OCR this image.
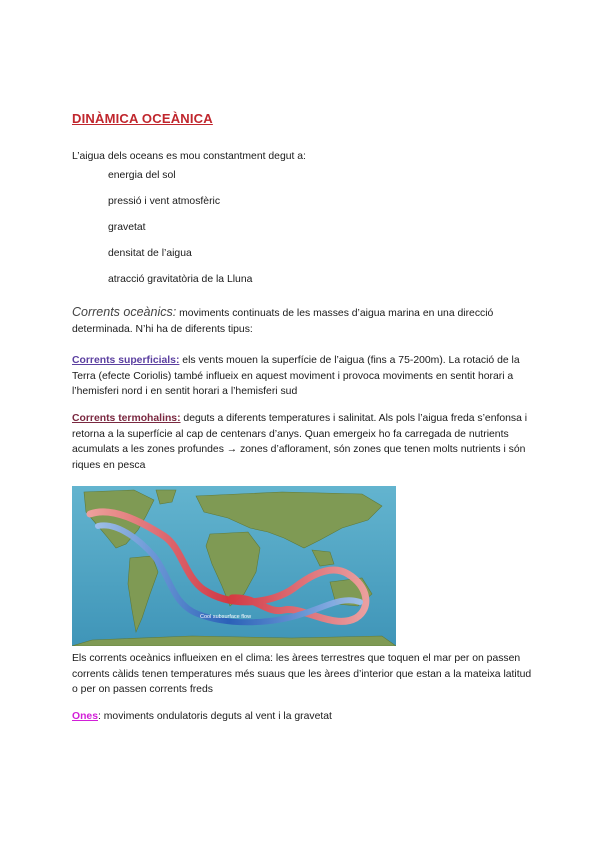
DINÀMICA OCEÀNICA
L’aigua dels oceans es mou constantment degut a:
energia del sol
pressió i vent atmosfèric
gravetat
densitat de l’aigua
atracció gravitatòria de la Lluna
Corrents oceànics: moviments continuats de les masses d’aigua marina en una direcció determinada. N’hi ha de diferents tipus:
Corrents superficials: els vents mouen la superfície de l’aigua (fins a 75-200m). La rotació de la Terra (efecte Coriolis) també influeix en aquest moviment i provoca moviments en sentit horari a l’hemisferi nord i en sentit horari a l’hemisferi sud
Corrents termohalins: deguts a diferents temperatures i salinitat. Als pols l’aigua freda s’enfonsa i retorna a la superfície al cap de centenars d’anys. Quan emergeix ho fa carregada de nutrients acumulats a les zones profundes → zones d’aflorament, són zones que tenen molts nutrients i són riques en pesca
Cool subsurface flow
Els corrents oceànics influeixen en el clima: les àrees terrestres que toquen el mar per on passen corrents càlids tenen temperatures més suaus que les àrees d’interior que estan a la mateixa latitud o per on passen corrents freds
Ones: moviments ondulatoris deguts al vent i la gravetat
